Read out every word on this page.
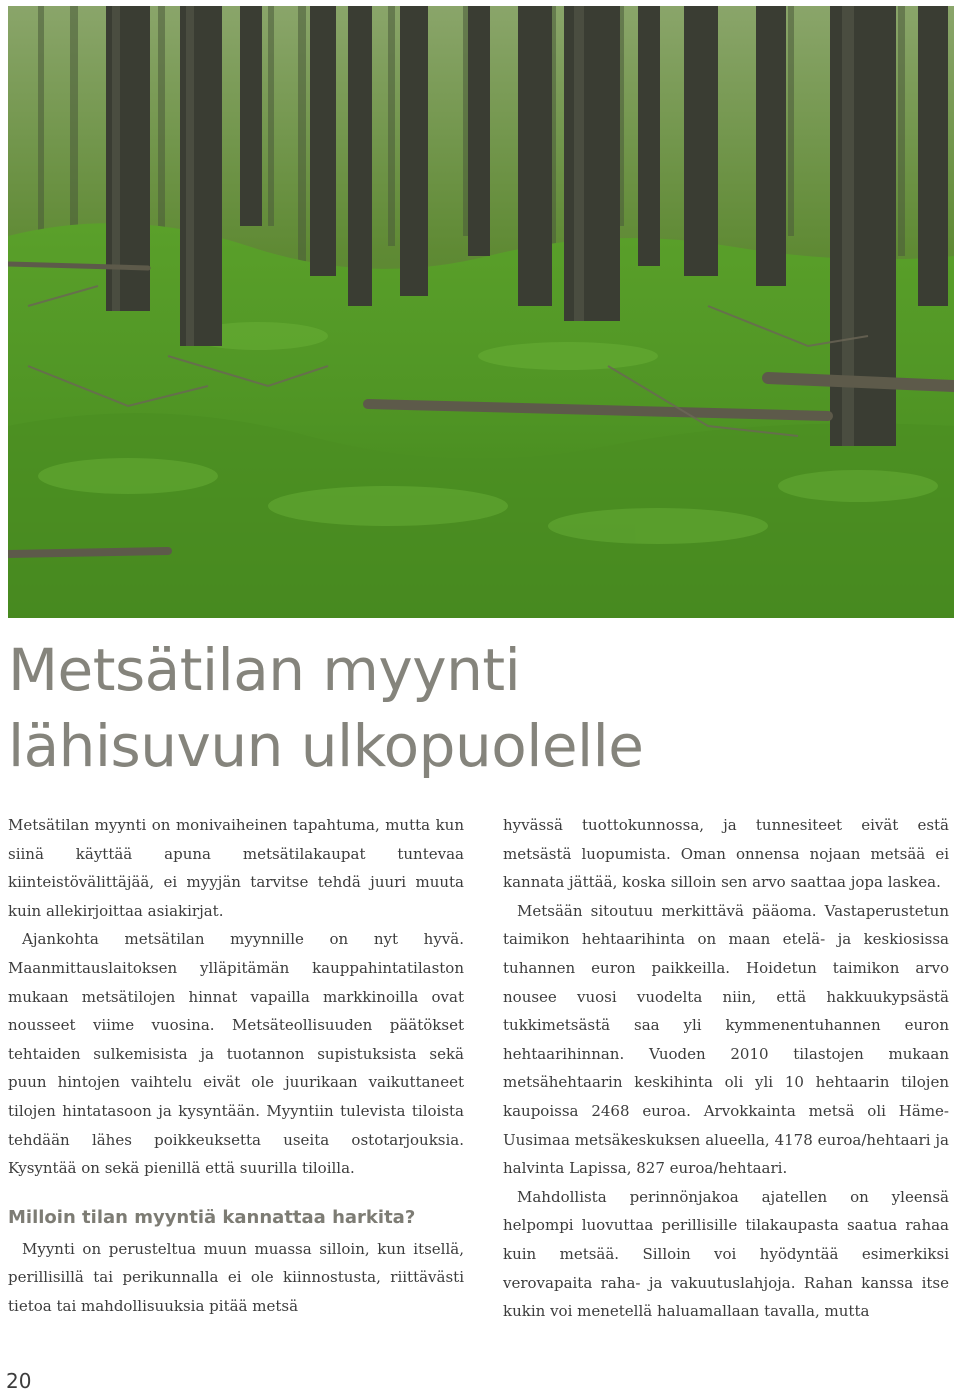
Metsätilan myynti
lähisuvun ulkopuolelle

Metsätilan myynti on monivaiheinen tapahtuma, mutta kun siinä käyttää apuna metsätilakaupat tuntevaa kiinteistövälittäjää, ei myyjän tarvitse tehdä juuri muuta kuin allekirjoittaa asiakirjat.

Ajankohta metsätilan myynnille on nyt hyvä. Maanmittauslaitoksen ylläpitämän kauppahintatilaston mukaan metsätilojen hinnat vapailla markkinoilla ovat nousseet viime vuosina. Metsäteollisuuden päätökset tehtaiden sulkemisista ja tuotannon supistuksista sekä puun hintojen vaihtelu eivät ole juurikaan vaikuttaneet tilojen hintatasoon ja kysyntään. Myyntiin tulevista tiloista tehdään lähes poikkeuksetta useita ostotarjouksia. Kysyntää on sekä pienillä että suurilla tiloilla.

Milloin tilan myyntiä kannattaa harkita?

Myynti on perusteltua muun muassa silloin, kun itsellä, perillisillä tai perikunnalla ei ole kiinnostusta, riittävästi tietoa tai mahdollisuuksia pitää metsä

hyvässä tuottokunnossa, ja tunnesiteet eivät estä metsästä luopumista. Oman onnensa nojaan metsää ei kannata jättää, koska silloin sen arvo saattaa jopa laskea.

Metsään sitoutuu merkittävä pääoma. Vastaperustetun taimikon hehtaarihinta on maan etelä- ja keskiosissa tuhannen euron paikkeilla. Hoidetun taimikon arvo nousee vuosi vuodelta niin, että hakkuukypsästä tukkimetsästä saa yli kymmenentuhannen euron hehtaarihinnan. Vuoden 2010 tilastojen mukaan metsähehtaarin keskihinta oli yli 10 hehtaarin tilojen kaupoissa 2468 euroa. Arvokkainta metsä oli Häme-Uusimaa metsäkeskuksen alueella, 4178 euroa/hehtaari ja halvinta Lapissa, 827 euroa/hehtaari.

Mahdollista perinnönjakoa ajatellen on yleensä helpompi luovuttaa perillisille tilakaupasta saatua rahaa kuin metsää. Silloin voi hyödyntää esimerkiksi verovapaita raha- ja vakuutuslahjoja. Rahan kanssa itse kukin voi menetellä haluamallaan tavalla, mutta

20
